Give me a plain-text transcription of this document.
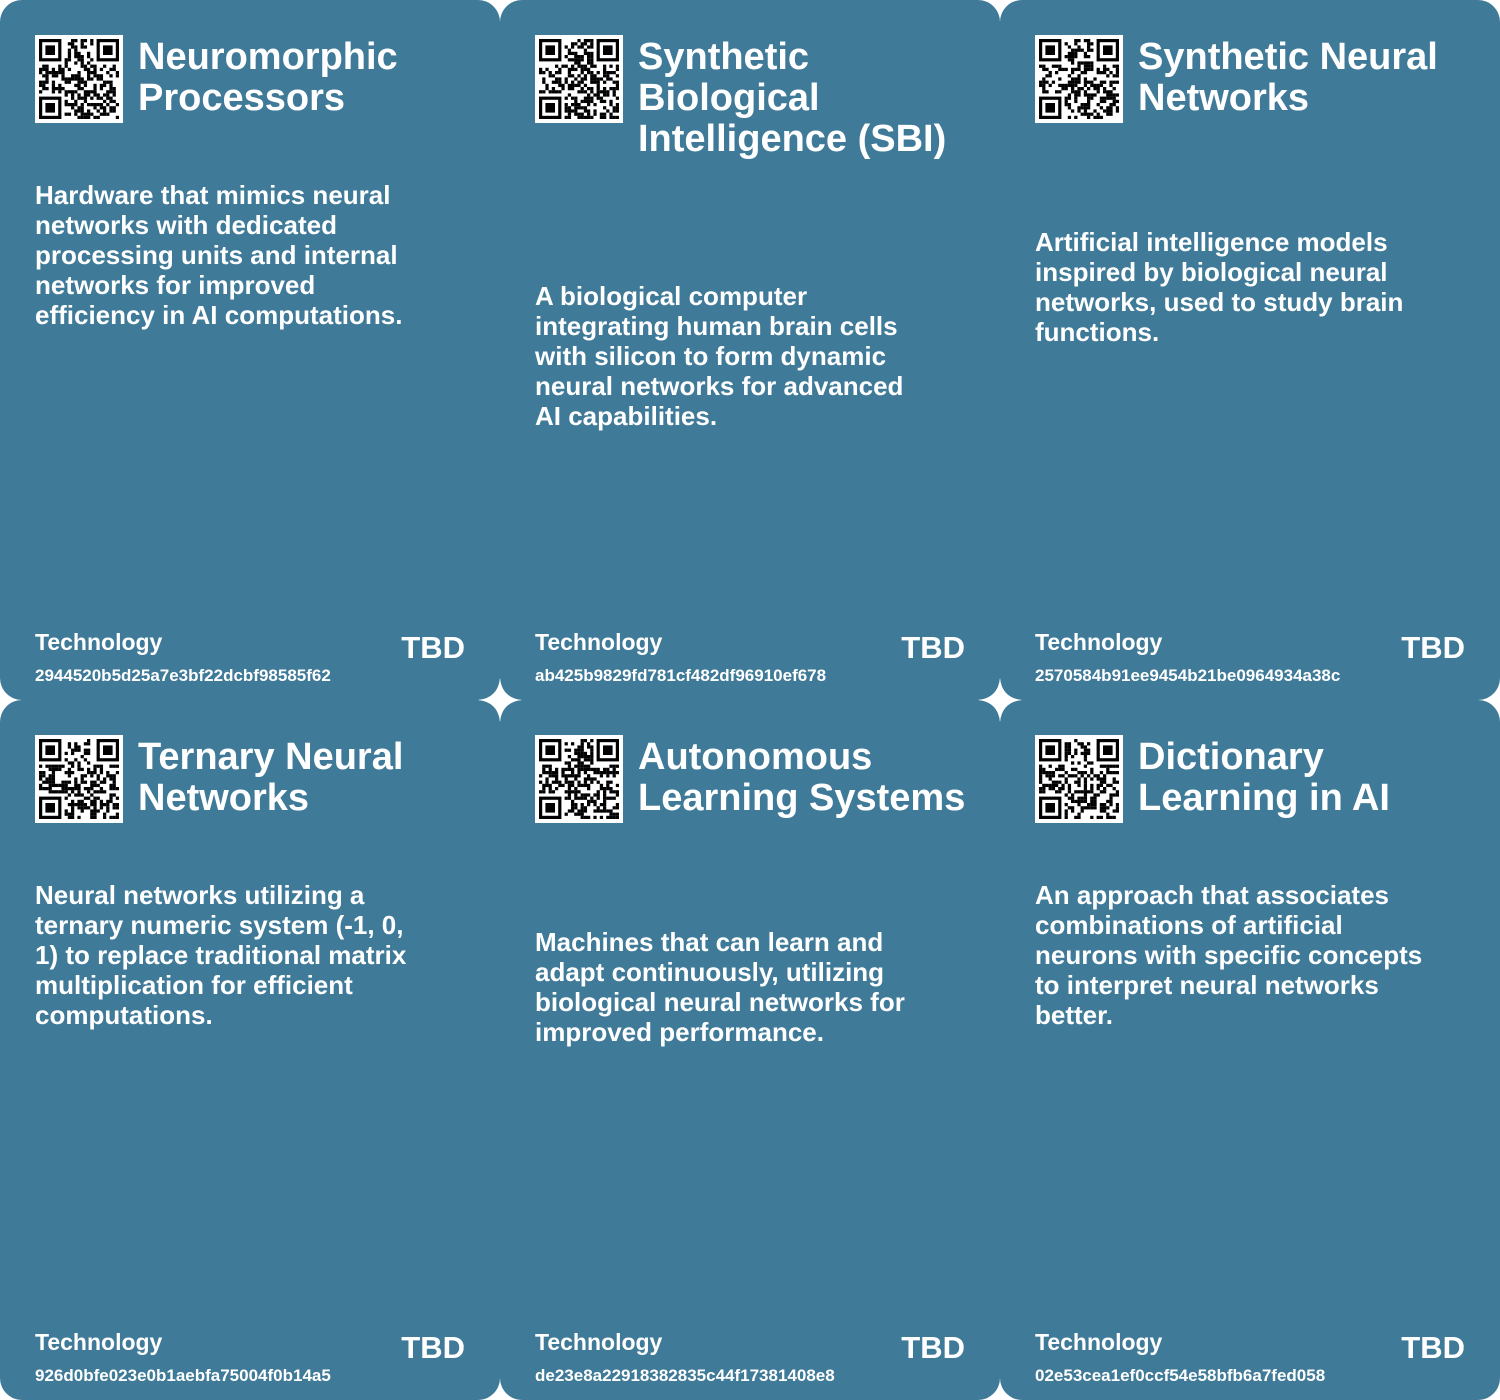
Neuromorphic Processors

Hardware that mimics neural networks with dedicated processing units and internal networks for improved efficiency in AI computations.

Technology	TBD
2944520b5d25a7e3bf22dcbf98585f62
Synthetic Biological Intelligence (SBI)

A biological computer integrating human brain cells with silicon to form dynamic neural networks for advanced AI capabilities.

Technology	TBD
ab425b9829fd781cf482df96910ef678
Synthetic Neural Networks

Artificial intelligence models inspired by biological neural networks, used to study brain functions.

Technology	TBD
2570584b91ee9454b21be0964934a38c
Ternary Neural Networks

Neural networks utilizing a ternary numeric system (-1, 0, 1) to replace traditional matrix multiplication for efficient computations.

Technology	TBD
926d0bfe023e0b1aebfa75004f0b14a5
Autonomous Learning Systems

Machines that can learn and adapt continuously, utilizing biological neural networks for improved performance.

Technology	TBD
de23e8a22918382835c44f17381408e8
Dictionary Learning in AI

An approach that associates combinations of artificial neurons with specific concepts to interpret neural networks better.

Technology	TBD
02e53cea1ef0ccf54e58bfb6a7fed058
